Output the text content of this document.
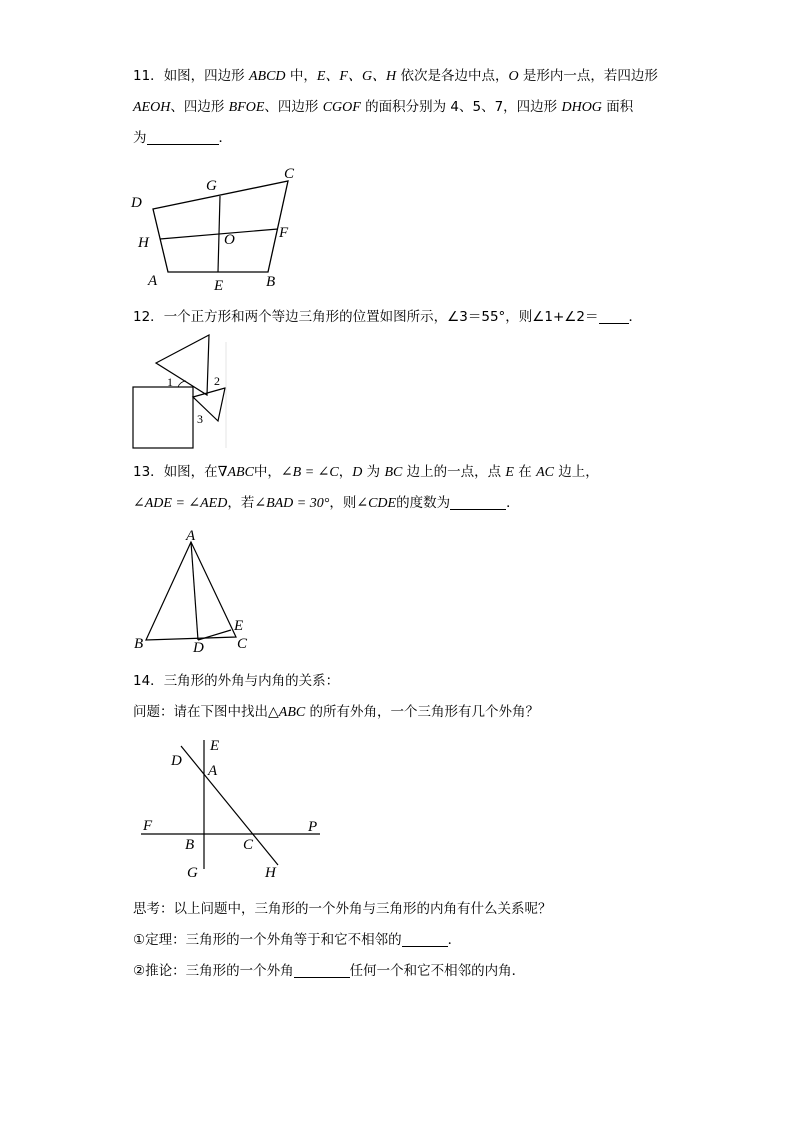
11．如图，四边形 ABCD 中，E、F、G、H 依次是各边中点，O 是形内一点，若四边形
AEOH、四边形 BFOE、四边形 CGOF 的面积分别为 4、5、7，四边形 DHOG 面积
为	．
D
G
C
H	O	F
A	E	B
12．一个正方形和两个等边三角形的位置如图所示，∠3＝55°，则∠1+∠2＝ ．
1	2
3
13．如图，在∇ABC中，∠B = ∠C，D 为 BC 边上的一点，点 E 在 AC 边上，
∠ADE = ∠AED，若∠BAD = 30°，则∠CDE的度数为	．
A
B	D
E
C
14．三角形的外角与内角的关系：
问题：请在下图中找出△ABC 的所有外角，一个三角形有几个外角？
E
D
A
F	P
B	C
G	H
思考：以上问题中，三角形的一个外角与三角形的内角有什么关系呢？
①定理：三角形的一个外角等于和它不相邻的	．
②推论：三角形的一个外角	任何一个和它不相邻的内角．
